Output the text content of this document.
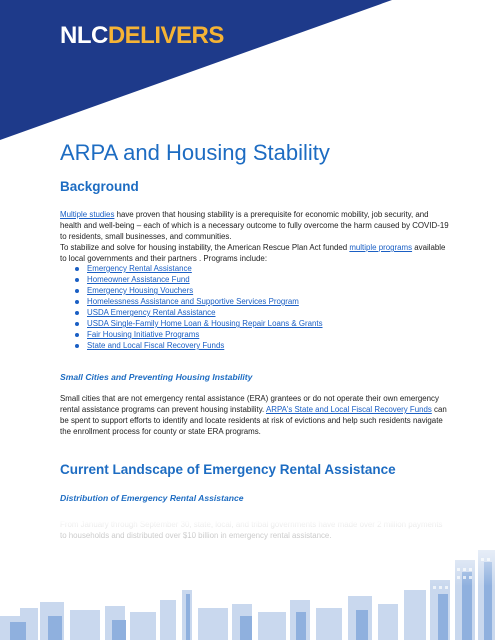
NLCDELIVERS
ARPA and Housing Stability
Background

Multiple studies have proven that housing stability is a prerequisite for economic mobility, job security, and health and well-being – each of which is a necessary outcome to fully overcome the harm caused by COVID-19 to residents, small businesses, and communities.
To stabilize and solve for housing instability, the American Rescue Plan Act funded multiple programs available to local governments and their partners . Programs include:

Emergency Rental Assistance
Homeowner Assistance Fund
Emergency Housing Vouchers
Homelessness Assistance and Supportive Services Program
USDA Emergency Rental Assistance
USDA Single-Family Home Loan & Housing Repair Loans & Grants
Fair Housing Initiative Programs
State and Local Fiscal Recovery Funds
Small Cities and Preventing Housing Instability

Small cities that are not emergency rental assistance (ERA) grantees or do not operate their own emergency rental assistance programs can prevent housing instability. ARPA's State and Local Fiscal Recovery Funds can be spent to support efforts to identify and locate residents at risk of evictions and help such residents navigate the enrollment process for county or state ERA programs.

Current Landscape of Emergency Rental Assistance
Distribution of Emergency Rental Assistance
